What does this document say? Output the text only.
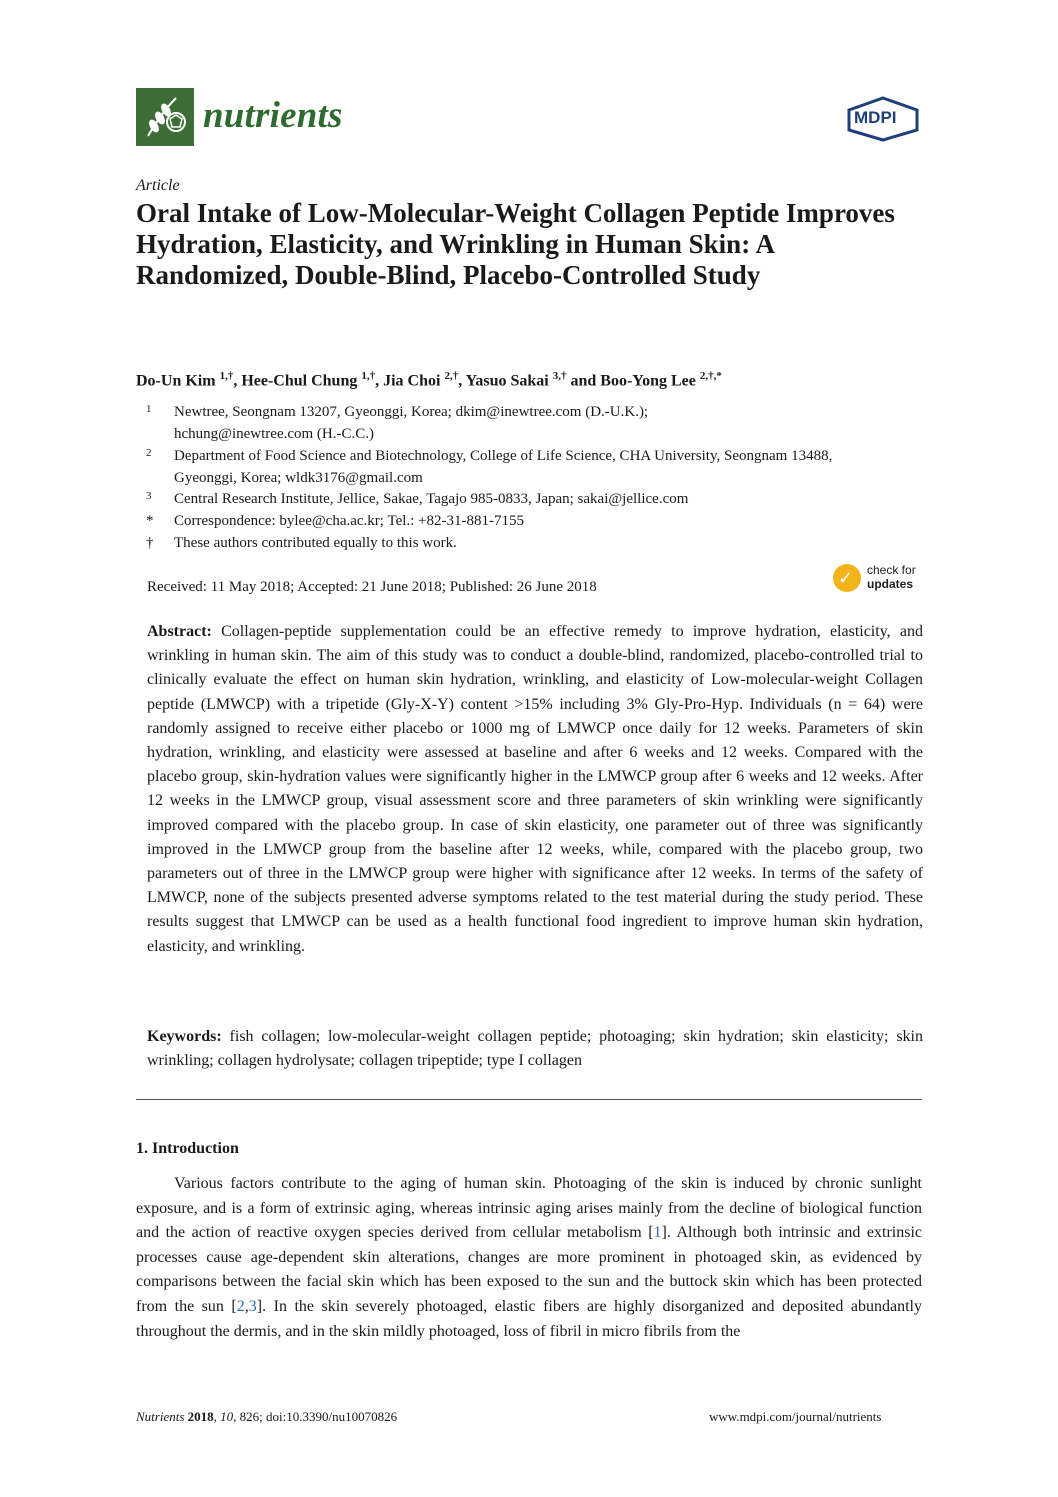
nutrients	MDPI
Article
Oral Intake of Low-Molecular-Weight Collagen Peptide Improves Hydration, Elasticity, and Wrinkling in Human Skin: A Randomized, Double-Blind, Placebo-Controlled Study
Do-Un Kim $^{1,\dagger}$, Hee-Chul Chung $^{1,\dagger}$, Jia Choi $^{2,\dagger}$, Yasuo Sakai $^{3,\dagger}$ and Boo-Yong Lee $^{2,\dagger,*}$
1	Newtree, Seongnam 13207, Gyeonggi, Korea; dkim@inewtree.com (D.-U.K.);
hchung@inewtree.com (H.-C.C.)
2	Department of Food Science and Biotechnology, College of Life Science, CHA University, Seongnam 13488,
Gyeonggi, Korea; wldk3176@gmail.com
3	Central Research Institute, Jellice, Sakae, Tagajo 985-0833, Japan; sakai@jellice.com
*	Correspondence: bylee@cha.ac.kr; Tel.: +82-31-881-7155
†	These authors contributed equally to this work.
Received: 11 May 2018; Accepted: 21 June 2018; Published: 26 June 2018	✓ check for
updates
Abstract: Collagen-peptide supplementation could be an effective remedy to improve hydration, elasticity, and wrinkling in human skin. The aim of this study was to conduct a double-blind, randomized, placebo-controlled trial to clinically evaluate the effect on human skin hydration, wrinkling, and elasticity of Low-molecular-weight Collagen peptide (LMWCP) with a tripetide (Gly-X-Y) content >15% including 3% Gly-Pro-Hyp. Individuals (n = 64) were randomly assigned to receive either placebo or 1000 mg of LMWCP once daily for 12 weeks. Parameters of skin hydration, wrinkling, and elasticity were assessed at baseline and after 6 weeks and 12 weeks. Compared with the placebo group, skin-hydration values were significantly higher in the LMWCP group after 6 weeks and 12 weeks. After 12 weeks in the LMWCP group, visual assessment score and three parameters of skin wrinkling were significantly improved compared with the placebo group. In case of skin elasticity, one parameter out of three was significantly improved in the LMWCP group from the baseline after 12 weeks, while, compared with the placebo group, two parameters out of three in the LMWCP group were higher with significance after 12 weeks. In terms of the safety of LMWCP, none of the subjects presented adverse symptoms related to the test material during the study period. These results suggest that LMWCP can be used as a health functional food ingredient to improve human skin hydration, elasticity, and wrinkling.
Keywords: fish collagen; low-molecular-weight collagen peptide; photoaging; skin hydration; skin elasticity; skin wrinkling; collagen hydrolysate; collagen tripeptide; type I collagen
1. Introduction
Various factors contribute to the aging of human skin. Photoaging of the skin is induced by chronic sunlight exposure, and is a form of extrinsic aging, whereas intrinsic aging arises mainly from the decline of biological function and the action of reactive oxygen species derived from cellular metabolism [1]. Although both intrinsic and extrinsic processes cause age-dependent skin alterations, changes are more prominent in photoaged skin, as evidenced by comparisons between the facial skin which has been exposed to the sun and the buttock skin which has been protected from the sun [2,3]. In the skin severely photoaged, elastic fibers are highly disorganized and deposited abundantly throughout the dermis, and in the skin mildly photoaged, loss of fibril in micro fibrils from the
Nutrients 2018, 10, 826; doi:10.3390/nu10070826	www.mdpi.com/journal/nutrients
